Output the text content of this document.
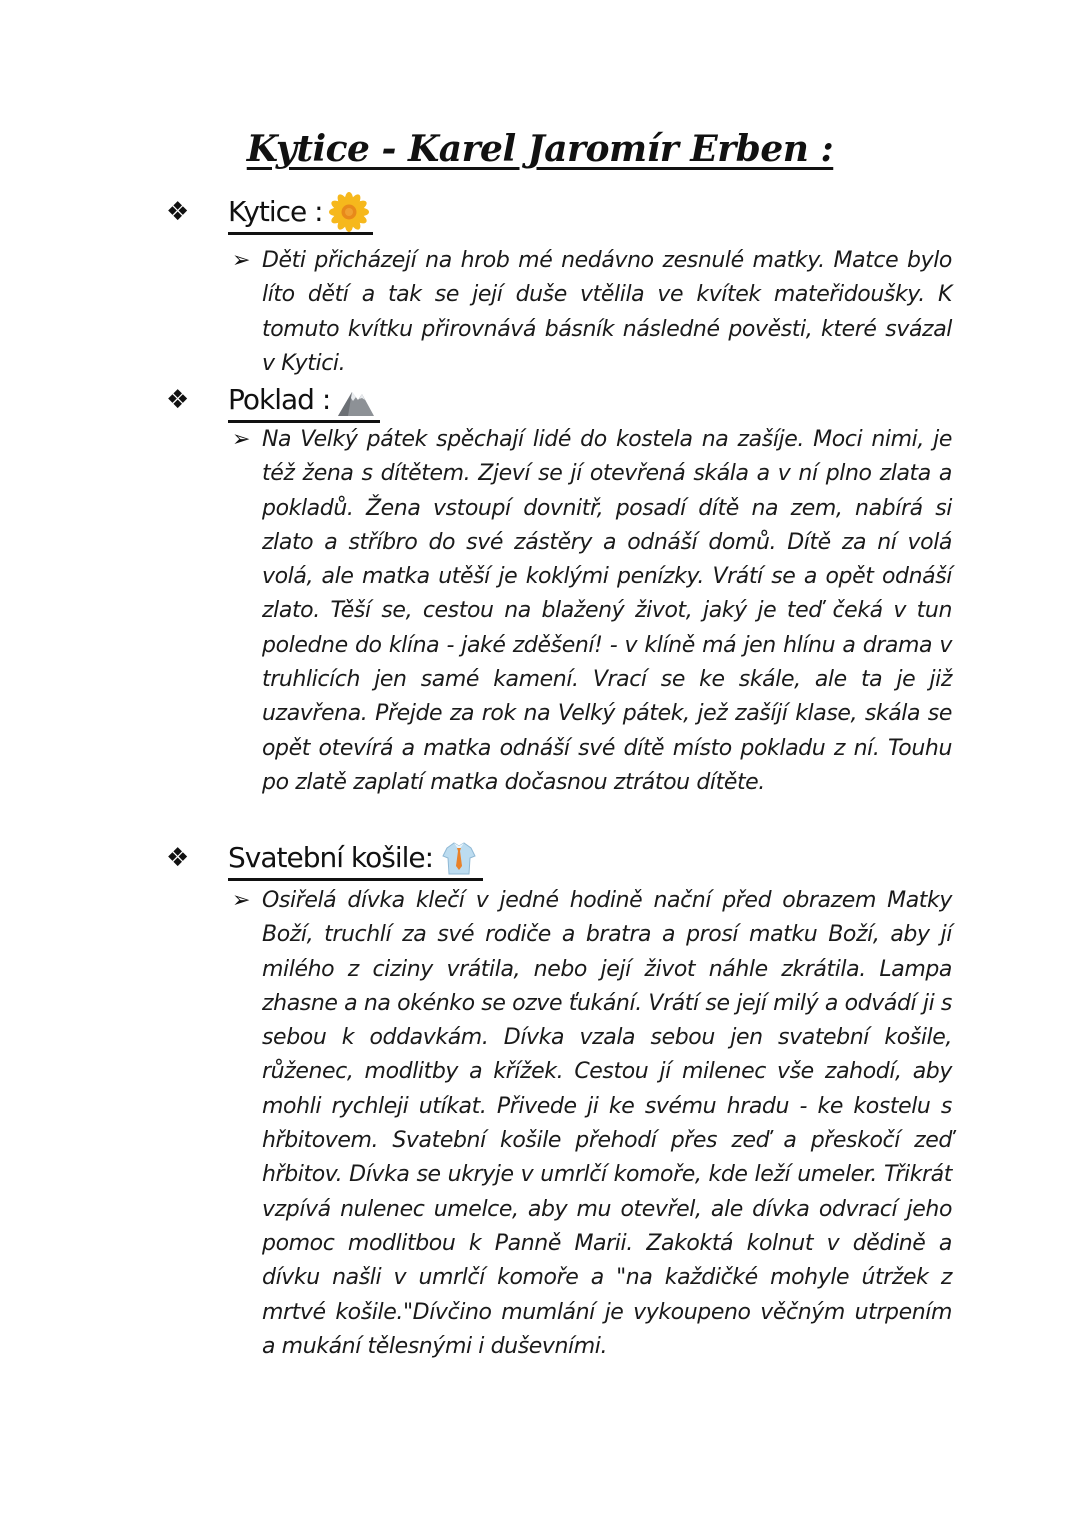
Kytice - Karel Jaromír Erben :
❖ Kytice :
➢ Děti přicházejí na hrob mé nedávno zesnulé matky. Matce bylo líto dětí a tak se její duše vtělila ve kvítek mateřidoušky. K tomuto kvítku přirovnává básník následné pověsti, které svázal v Kytici.
❖ Poklad :
➢ Na Velký pátek spěchají lidé do kostela na zašíje. Moci nimi, je též žena s dítětem. Zjeví se jí otevřená skála a v ní plno zlata a pokladů. Žena vstoupí dovnitř, posadí dítě na zem, nabírá si zlato a stříbro do své zástěry a odnáší domů. Dítě za ní volá volá, ale matka utěší je koklými penízky. Vrátí se a opět odnáší zlato. Těší se, cestou na blažený život, jaký je teď čeká v tun poledne do klína - jaké zděšení! - v klíně má jen hlínu a drama v truhlicích jen samé kamení. Vrací se ke skále, ale ta je již uzavřena. Přejde za rok na Velký pátek, jež zašíjí klase, skála se opět otevírá a matka odnáší své dítě místo pokladu z ní. Touhu po zlatě zaplatí matka dočasnou ztrátou dítěte.
❖ Svatební košile:
➢ Osiřelá dívka klečí v jedné hodině nační před obrazem Matky Boží, truchlí za své rodiče a bratra a prosí matku Boží, aby jí milého z ciziny vrátila, nebo její život náhle zkrátila. Lampa zhasne a na okénko se ozve ťukání. Vrátí se její milý a odvádí ji s sebou k oddavkám. Dívka vzala sebou jen svatební košile, růženec, modlitby a křížek. Cestou jí milenec vše zahodí, aby mohli rychleji utíkat. Přivede ji ke svému hradu - ke kostelu s hřbitovem. Svatební košile přehodí přes zeď a přeskočí zeď hřbitov. Dívka se ukryje v umrlčí komoře, kde leží umeler. Třikrát vzpívá nulenec umelce, aby mu otevřel, ale dívka odvrací jeho pomoc modlitbou k Panně Marii. Zakoktá kolnut v dědině a dívku našli v umrlčí komoře a "na každičké mohyle útržek z mrtvé košile."Dívčino mumlání je vykoupeno věčným utrpením a mukání tělesnými i duševními.
